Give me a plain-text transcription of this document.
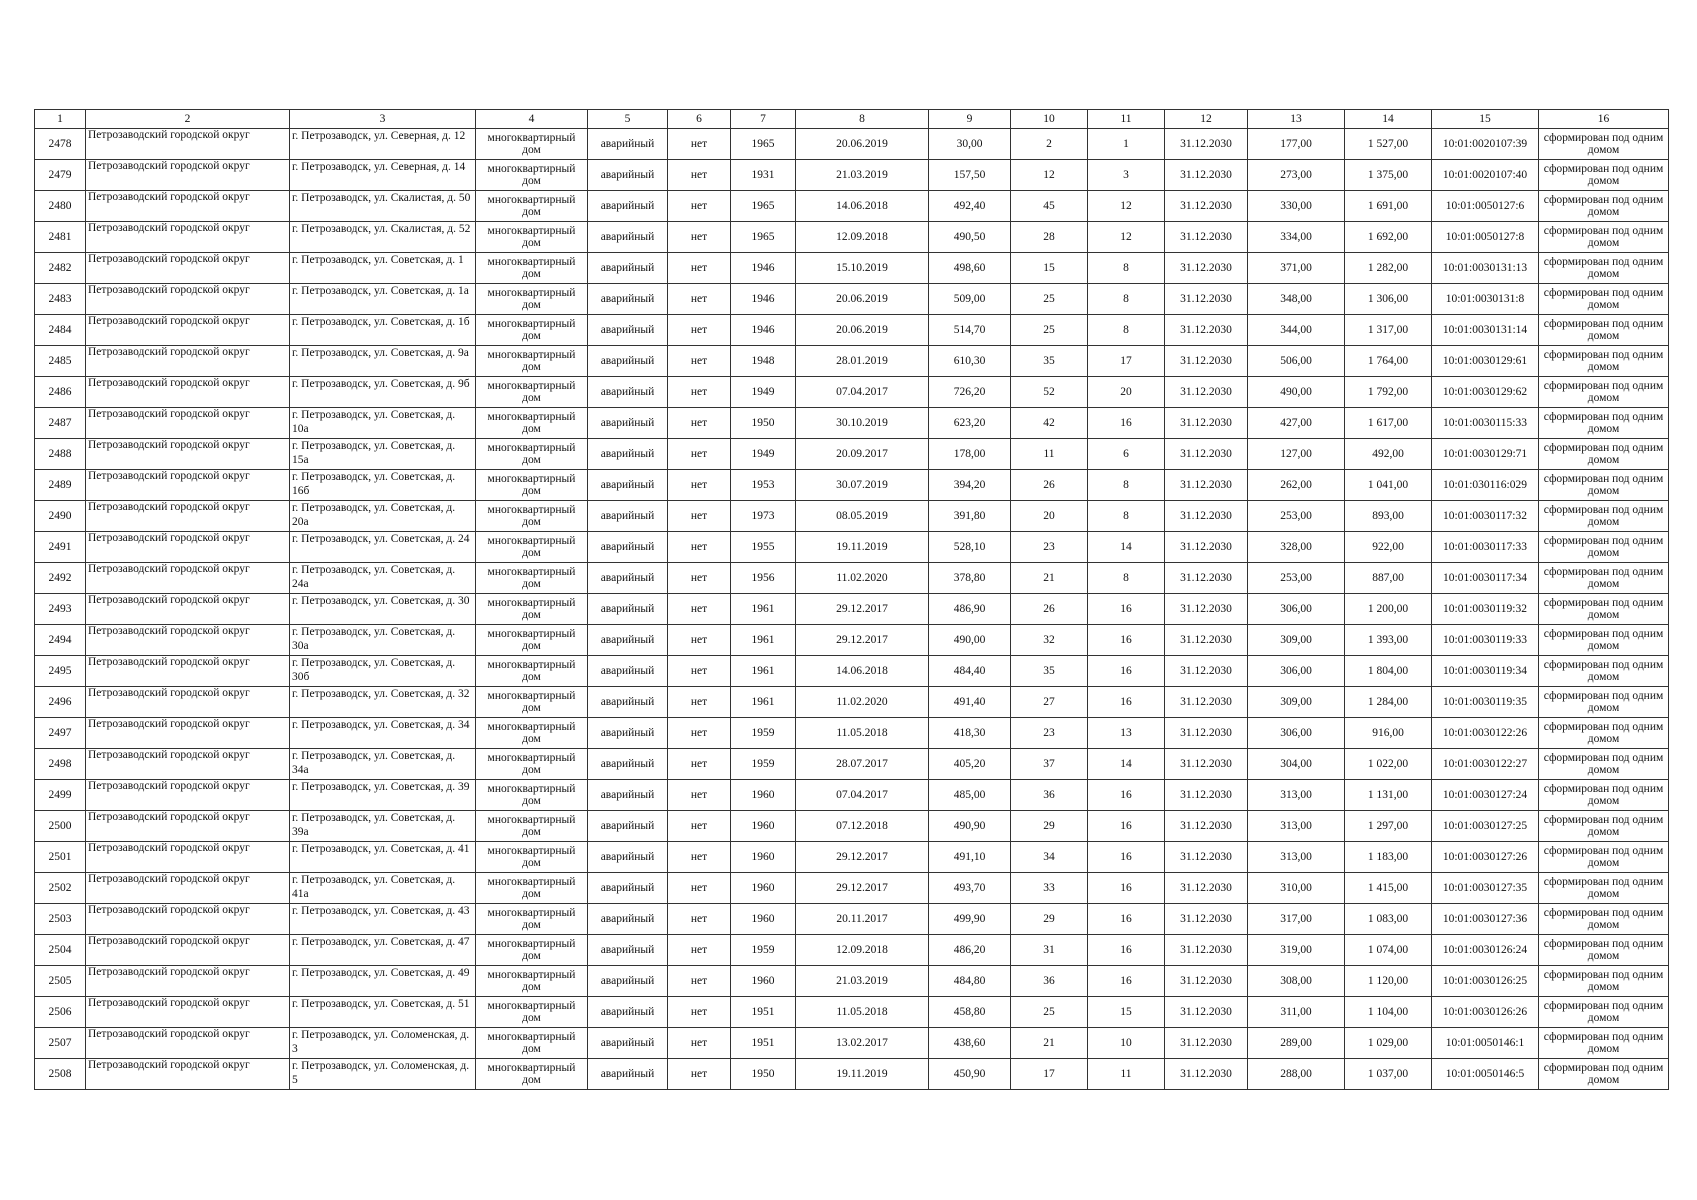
1	2	3	4	5	6	7	8	9	10	11	12	13	14	15	16
2478	Петрозаводский городской округ	г. Петрозаводск, ул. Северная, д. 12	многоквартирный дом	аварийный	нет	1965	20.06.2019	30,00	2	1	31.12.2030	177,00	1 527,00	10:01:0020107:39	сформирован под одним домом
2479	Петрозаводский городской округ	г. Петрозаводск, ул. Северная, д. 14	многоквартирный дом	аварийный	нет	1931	21.03.2019	157,50	12	3	31.12.2030	273,00	1 375,00	10:01:0020107:40	сформирован под одним домом
2480	Петрозаводский городской округ	г. Петрозаводск, ул. Скалистая, д. 50	многоквартирный дом	аварийный	нет	1965	14.06.2018	492,40	45	12	31.12.2030	330,00	1 691,00	10:01:0050127:6	сформирован под одним домом
2481	Петрозаводский городской округ	г. Петрозаводск, ул. Скалистая, д. 52	многоквартирный дом	аварийный	нет	1965	12.09.2018	490,50	28	12	31.12.2030	334,00	1 692,00	10:01:0050127:8	сформирован под одним домом
2482	Петрозаводский городской округ	г. Петрозаводск, ул. Советская, д. 1	многоквартирный дом	аварийный	нет	1946	15.10.2019	498,60	15	8	31.12.2030	371,00	1 282,00	10:01:0030131:13	сформирован под одним домом
2483	Петрозаводский городской округ	г. Петрозаводск, ул. Советская, д. 1а	многоквартирный дом	аварийный	нет	1946	20.06.2019	509,00	25	8	31.12.2030	348,00	1 306,00	10:01:0030131:8	сформирован под одним домом
2484	Петрозаводский городской округ	г. Петрозаводск, ул. Советская, д. 1б	многоквартирный дом	аварийный	нет	1946	20.06.2019	514,70	25	8	31.12.2030	344,00	1 317,00	10:01:0030131:14	сформирован под одним домом
2485	Петрозаводский городской округ	г. Петрозаводск, ул. Советская, д. 9а	многоквартирный дом	аварийный	нет	1948	28.01.2019	610,30	35	17	31.12.2030	506,00	1 764,00	10:01:0030129:61	сформирован под одним домом
2486	Петрозаводский городской округ	г. Петрозаводск, ул. Советская, д. 9б	многоквартирный дом	аварийный	нет	1949	07.04.2017	726,20	52	20	31.12.2030	490,00	1 792,00	10:01:0030129:62	сформирован под одним домом
2487	Петрозаводский городской округ	г. Петрозаводск, ул. Советская, д. 10а	многоквартирный дом	аварийный	нет	1950	30.10.2019	623,20	42	16	31.12.2030	427,00	1 617,00	10:01:0030115:33	сформирован под одним домом
2488	Петрозаводский городской округ	г. Петрозаводск, ул. Советская, д. 15а	многоквартирный дом	аварийный	нет	1949	20.09.2017	178,00	11	6	31.12.2030	127,00	492,00	10:01:0030129:71	сформирован под одним домом
2489	Петрозаводский городской округ	г. Петрозаводск, ул. Советская, д. 16б	многоквартирный дом	аварийный	нет	1953	30.07.2019	394,20	26	8	31.12.2030	262,00	1 041,00	10:01:030116:029	сформирован под одним домом
2490	Петрозаводский городской округ	г. Петрозаводск, ул. Советская, д. 20а	многоквартирный дом	аварийный	нет	1973	08.05.2019	391,80	20	8	31.12.2030	253,00	893,00	10:01:0030117:32	сформирован под одним домом
2491	Петрозаводский городской округ	г. Петрозаводск, ул. Советская, д. 24	многоквартирный дом	аварийный	нет	1955	19.11.2019	528,10	23	14	31.12.2030	328,00	922,00	10:01:0030117:33	сформирован под одним домом
2492	Петрозаводский городской округ	г. Петрозаводск, ул. Советская, д. 24а	многоквартирный дом	аварийный	нет	1956	11.02.2020	378,80	21	8	31.12.2030	253,00	887,00	10:01:0030117:34	сформирован под одним домом
2493	Петрозаводский городской округ	г. Петрозаводск, ул. Советская, д. 30	многоквартирный дом	аварийный	нет	1961	29.12.2017	486,90	26	16	31.12.2030	306,00	1 200,00	10:01:0030119:32	сформирован под одним домом
2494	Петрозаводский городской округ	г. Петрозаводск, ул. Советская, д. 30а	многоквартирный дом	аварийный	нет	1961	29.12.2017	490,00	32	16	31.12.2030	309,00	1 393,00	10:01:0030119:33	сформирован под одним домом
2495	Петрозаводский городской округ	г. Петрозаводск, ул. Советская, д. 30б	многоквартирный дом	аварийный	нет	1961	14.06.2018	484,40	35	16	31.12.2030	306,00	1 804,00	10:01:0030119:34	сформирован под одним домом
2496	Петрозаводский городской округ	г. Петрозаводск, ул. Советская, д. 32	многоквартирный дом	аварийный	нет	1961	11.02.2020	491,40	27	16	31.12.2030	309,00	1 284,00	10:01:0030119:35	сформирован под одним домом
2497	Петрозаводский городской округ	г. Петрозаводск, ул. Советская, д. 34	многоквартирный дом	аварийный	нет	1959	11.05.2018	418,30	23	13	31.12.2030	306,00	916,00	10:01:0030122:26	сформирован под одним домом
2498	Петрозаводский городской округ	г. Петрозаводск, ул. Советская, д. 34а	многоквартирный дом	аварийный	нет	1959	28.07.2017	405,20	37	14	31.12.2030	304,00	1 022,00	10:01:0030122:27	сформирован под одним домом
2499	Петрозаводский городской округ	г. Петрозаводск, ул. Советская, д. 39	многоквартирный дом	аварийный	нет	1960	07.04.2017	485,00	36	16	31.12.2030	313,00	1 131,00	10:01:0030127:24	сформирован под одним домом
2500	Петрозаводский городской округ	г. Петрозаводск, ул. Советская, д. 39а	многоквартирный дом	аварийный	нет	1960	07.12.2018	490,90	29	16	31.12.2030	313,00	1 297,00	10:01:0030127:25	сформирован под одним домом
2501	Петрозаводский городской округ	г. Петрозаводск, ул. Советская, д. 41	многоквартирный дом	аварийный	нет	1960	29.12.2017	491,10	34	16	31.12.2030	313,00	1 183,00	10:01:0030127:26	сформирован под одним домом
2502	Петрозаводский городской округ	г. Петрозаводск, ул. Советская, д. 41а	многоквартирный дом	аварийный	нет	1960	29.12.2017	493,70	33	16	31.12.2030	310,00	1 415,00	10:01:0030127:35	сформирован под одним домом
2503	Петрозаводский городской округ	г. Петрозаводск, ул. Советская, д. 43	многоквартирный дом	аварийный	нет	1960	20.11.2017	499,90	29	16	31.12.2030	317,00	1 083,00	10:01:0030127:36	сформирован под одним домом
2504	Петрозаводский городской округ	г. Петрозаводск, ул. Советская, д. 47	многоквартирный дом	аварийный	нет	1959	12.09.2018	486,20	31	16	31.12.2030	319,00	1 074,00	10:01:0030126:24	сформирован под одним домом
2505	Петрозаводский городской округ	г. Петрозаводск, ул. Советская, д. 49	многоквартирный дом	аварийный	нет	1960	21.03.2019	484,80	36	16	31.12.2030	308,00	1 120,00	10:01:0030126:25	сформирован под одним домом
2506	Петрозаводский городской округ	г. Петрозаводск, ул. Советская, д. 51	многоквартирный дом	аварийный	нет	1951	11.05.2018	458,80	25	15	31.12.2030	311,00	1 104,00	10:01:0030126:26	сформирован под одним домом
2507	Петрозаводский городской округ	г. Петрозаводск, ул. Соломенская, д. 3	многоквартирный дом	аварийный	нет	1951	13.02.2017	438,60	21	10	31.12.2030	289,00	1 029,00	10:01:0050146:1	сформирован под одним домом
2508	Петрозаводский городской округ	г. Петрозаводск, ул. Соломенская, д. 5	многоквартирный дом	аварийный	нет	1950	19.11.2019	450,90	17	11	31.12.2030	288,00	1 037,00	10:01:0050146:5	сформирован под одним домом
